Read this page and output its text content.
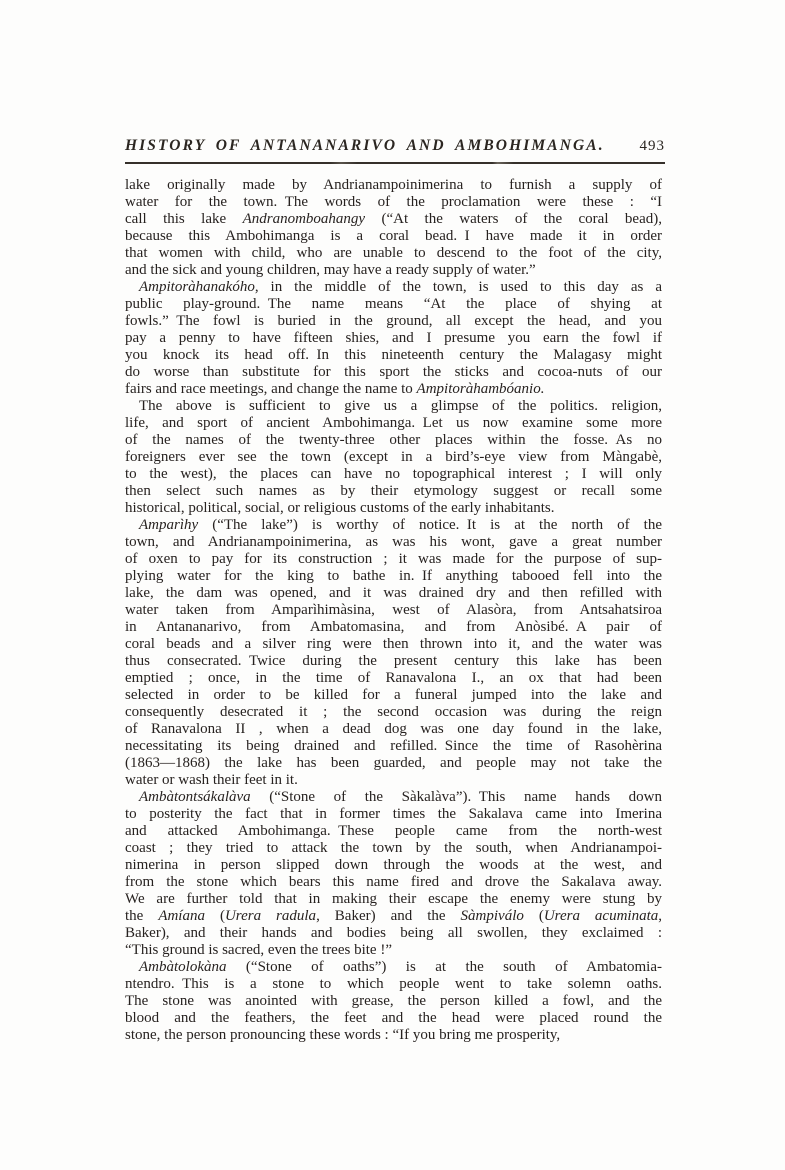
HISTORY OF ANTANANARIVO AND AMBOHIMANGA. 493
lake originally made by Andrianampoinimerina to furnish a supply of
water for the town. The words of the proclamation were these : “I
call this lake Andranomboahangy (“At the waters of the coral bead),
because this Ambohimanga is a coral bead. I have made it in order
that women with child, who are unable to descend to the foot of the city,
and the sick and young children, may have a ready supply of water.”
Ampitoràhanakóho, in the middle of the town, is used to this day as a
public play-ground. The name means “At the place of shying at
fowls.” The fowl is buried in the ground, all except the head, and you
pay a penny to have fifteen shies, and I presume you earn the fowl if
you knock its head off. In this nineteenth century the Malagasy might
do worse than substitute for this sport the sticks and cocoa-nuts of our
fairs and race meetings, and change the name to Ampitoràhambóanio.
The above is sufficient to give us a glimpse of the politics. religion,
life, and sport of ancient Ambohimanga. Let us now examine some more
of the names of the twenty-three other places within the fosse. As no
foreigners ever see the town (except in a bird’s-eye view from Màngabè,
to the west), the places can have no topographical interest ; I will only
then select such names as by their etymology suggest or recall some
historical, political, social, or religious customs of the early inhabitants.
Amparìhy (“The lake”) is worthy of notice. It is at the north of the
town, and Andrianampoinimerina, as was his wont, gave a great number
of oxen to pay for its construction ; it was made for the purpose of sup-
plying water for the king to bathe in. If anything tabooed fell into the
lake, the dam was opened, and it was drained dry and then refilled with
water taken from Amparìhimàsina, west of Alasòra, from Antsahatsiroa
in Antananarivo, from Ambatomasina, and from Anòsibé. A pair of
coral beads and a silver ring were then thrown into it, and the water was
thus consecrated. Twice during the present century this lake has been
emptied ; once, in the time of Ranavalona I., an ox that had been
selected in order to be killed for a funeral jumped into the lake and
consequently desecrated it ; the second occasion was during the reign
of Ranavalona II , when a dead dog was one day found in the lake,
necessitating its being drained and refilled. Since the time of Rasohèrina
(1863—1868) the lake has been guarded, and people may not take the
water or wash their feet in it.
Ambàtontsákalàva (“Stone of the Sàkalàva”). This name hands down
to posterity the fact that in former times the Sakalava came into Imerina
and attacked Ambohimanga. These people came from the north-west
coast ; they tried to attack the town by the south, when Andrianampoi-
nimerina in person slipped down through the woods at the west, and
from the stone which bears this name fired and drove the Sakalava away.
We are further told that in making their escape the enemy were stung by
the Amíana (Urera radula, Baker) and the Sàmpiválo (Urera acuminata,
Baker), and their hands and bodies being all swollen, they exclaimed :
“This ground is sacred, even the trees bite !”
Ambàtolokàna (“Stone of oaths”) is at the south of Ambatomia-
ntendro. This is a stone to which people went to take solemn oaths.
The stone was anointed with grease, the person killed a fowl, and the
blood and the feathers, the feet and the head were placed round the
stone, the person pronouncing these words : “If you bring me prosperity,
